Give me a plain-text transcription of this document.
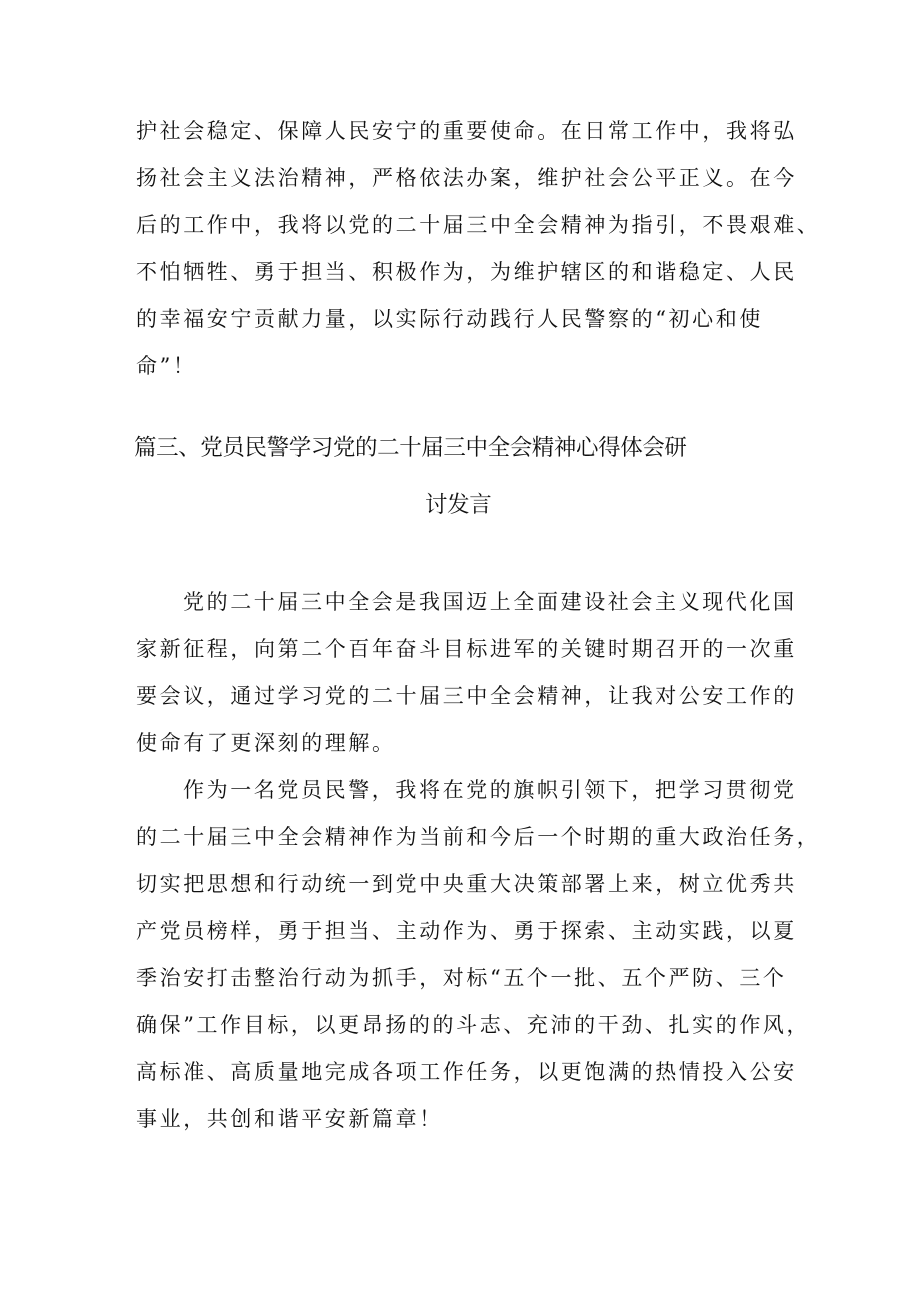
护社会稳定、保障人民安宁的重要使命。在日常工作中，我将弘
扬社会主义法治精神，严格依法办案，维护社会公平正义。在今
后的工作中，我将以党的二十届三中全会精神为指引，不畏艰难、
不怕牺牲、勇于担当、积极作为，为维护辖区的和谐稳定、人民
的幸福安宁贡献力量，以实际行动践行人民警察的“初心和使
命”！
篇三、党员民警学习党的二十届三中全会精神心得体会研
讨发言
党的二十届三中全会是我国迈上全面建设社会主义现代化国
家新征程，向第二个百年奋斗目标进军的关键时期召开的一次重
要会议，通过学习党的二十届三中全会精神，让我对公安工作的
使命有了更深刻的理解。
作为一名党员民警，我将在党的旗帜引领下，把学习贯彻党
的二十届三中全会精神作为当前和今后一个时期的重大政治任务，
切实把思想和行动统一到党中央重大决策部署上来，树立优秀共
产党员榜样，勇于担当、主动作为、勇于探索、主动实践，以夏
季治安打击整治行动为抓手，对标“五个一批、五个严防、三个
确保”工作目标，以更昂扬的的斗志、充沛的干劲、扎实的作风，
高标准、高质量地完成各项工作任务，以更饱满的热情投入公安
事业，共创和谐平安新篇章！
